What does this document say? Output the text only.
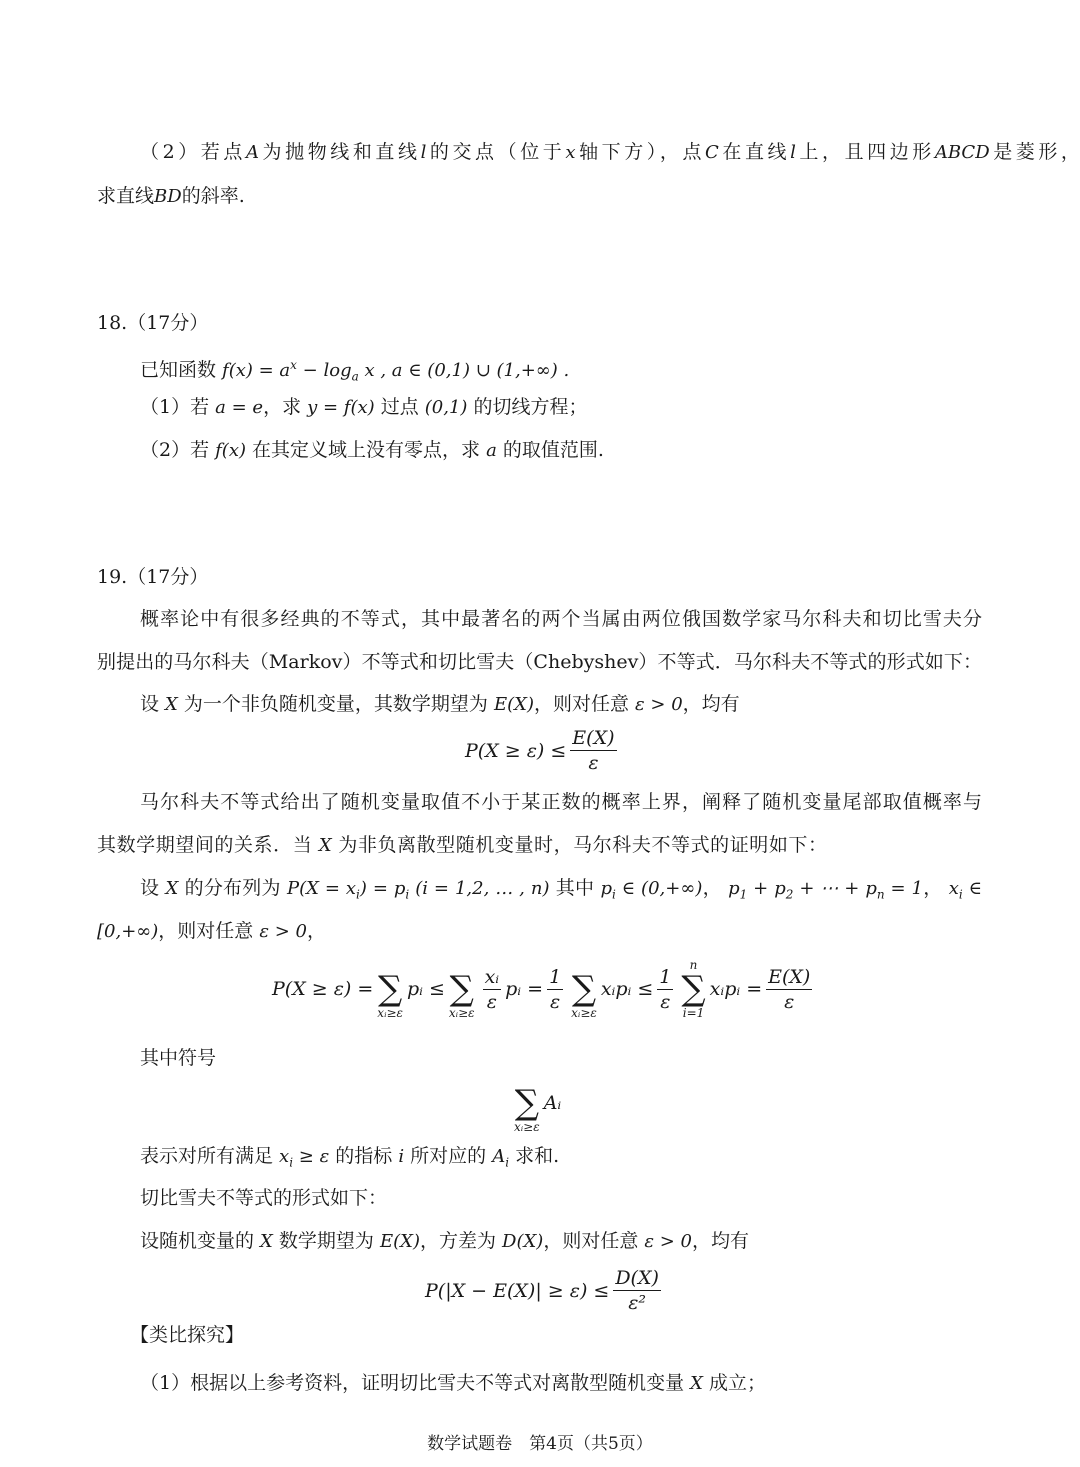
（2）若点A为抛物线和直线l的交点（位于x轴下方），点C在直线l上，且四边形ABCD是菱形，
求直线BD的斜率.
18.（17分）
已知函数 $f(x) = a^x - \log_a x$ , a ∈ (0,1) ∪ (1,+∞) .
（1）若 a = e，求 y = f(x) 过点 (0,1) 的切线方程；
（2）若 f(x) 在其定义域上没有零点，求 a 的取值范围.
19.（17分）
概率论中有很多经典的不等式，其中最著名的两个当属由两位俄国数学家马尔科夫和切比雪夫分
别提出的马尔科夫（Markov）不等式和切比雪夫（Chebyshev）不等式．马尔科夫不等式的形式如下：
设 X 为一个非负随机变量，其数学期望为 E(X)，则对任意 ε > 0，均有
马尔科夫不等式给出了随机变量取值不小于某正数的概率上界，阐释了随机变量尾部取值概率与
其数学期望间的关系．当 X 为非负离散型随机变量时，马尔科夫不等式的证明如下：
设 X 的分布列为 $P(X = x_i) = p_i$ (i = 1,2, … , n) 其中 $p_i$ ∈ (0,+∞)， $p_1 + p_2$ + ⋯ + $p_n = 1$， $x_i$ ∈
[0,+∞)，则对任意 ε > 0，
其中符号
表示对所有满足 $x_i \ge \varepsilon$ 的指标 i 所对应的 $A_i$ 求和.
切比雪夫不等式的形式如下：
设随机变量的 X 数学期望为 E(X)，方差为 D(X)，则对任意 ε > 0，均有
【类比探究】
（1）根据以上参考资料，证明切比雪夫不等式对离散型随机变量 X 成立；
$P(X \ge \varepsilon) \le \frac{E(X)}{\varepsilon}$
P(X ≥ ε) = ∑
xᵢ≥ε
pᵢ ≤ ∑
xᵢ≥ε $\frac{\text{xᵢ}}{\varepsilon}$ pᵢ = $\frac{1}{\varepsilon}$ ∑
xᵢ≥ε
xᵢpᵢ ≤ $\frac{1}{\varepsilon}$ n
∑
i=1
xᵢpᵢ = $\frac{E(X)}{\varepsilon}$
∑
xᵢ≥ε
Aᵢ
$P(|X - E(X)| \ge \varepsilon) \le \frac{D(X)}{\text{ε²}}$
数学试题卷　第4页（共5页）
